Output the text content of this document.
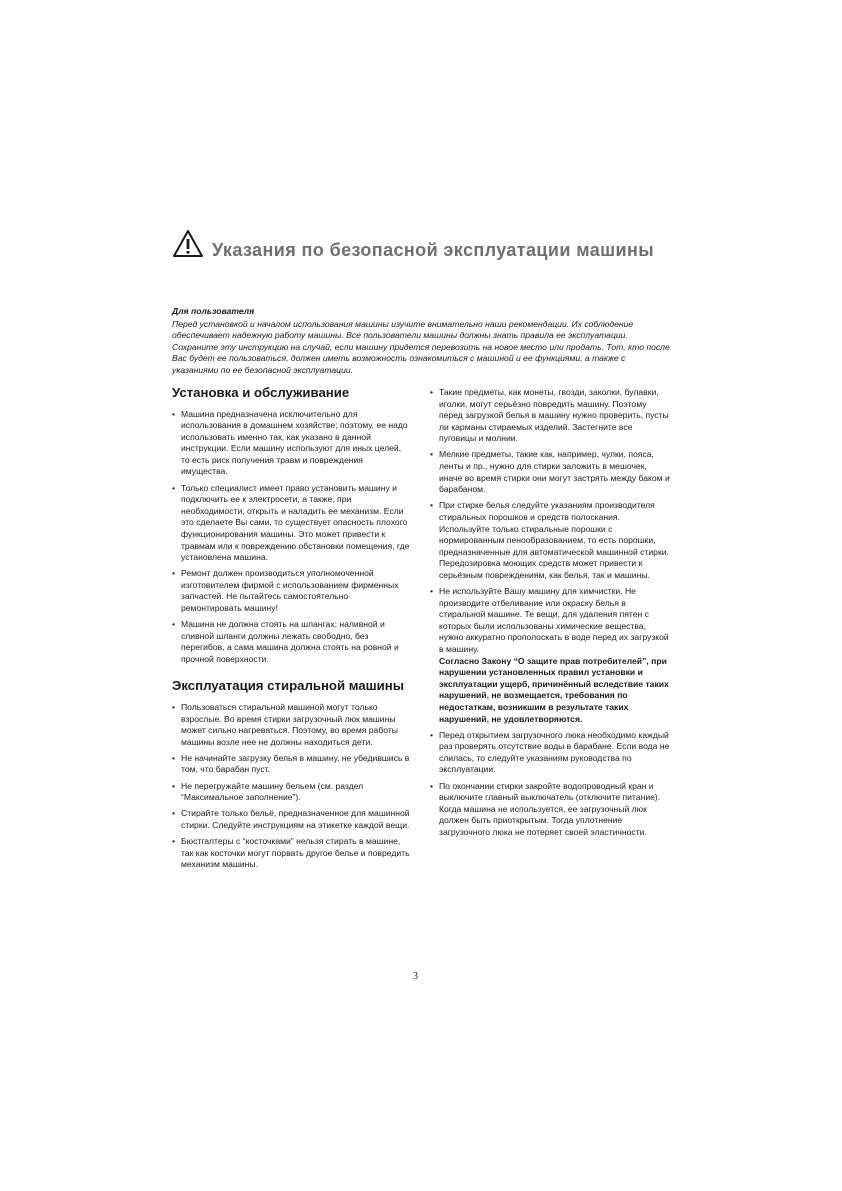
Указания по безопасной эксплуатации машины
Для пользователя
Перед установкой и началом использования машины изучите внимательно наши рекомендации. Их соблюдение обеспечивает надежную работу машины. Все пользователи машины должны знать правила ее эксплуатации. Сохраните эту инструкцию на случай, если машину придется перевозить на новое место или продать. Тот, кто после Вас будет ее пользоваться, должен иметь возможность ознакомиться с машиной и ее функциями, а также с указаниями по ее безопасной эксплуатации.
Установка и обслуживание
• Машина предназначена исключительно для использования в домашнем хозяйстве; поэтому, ее надо использовать именно так, как указано в данной инструкции. Если машину используют для иных целей, то есть риск получения травм и повреждения имущества.
• Только специалист имеет право установить машину и подключить ее к электросети, а также, при необходимости, открыть и наладить ее механизм. Если это сделаете Вы сами, то существует опасность плохого функционирования машины. Это может привести к травмам или к повреждению обстановки помещения, где установлена машина.
• Ремонт должен производиться уполномоченной изготовителем фирмой с использованием фирменных запчастей. Не пытайтесь самостоятельно ремонтировать машину!
• Машина не должна стоять на шлангах: наливной и сливной шланги должны лежать свободно, без перегибов, а сама машина должна стоять на ровной и прочной поверхности.
Эксплуатация стиральной машины
• Пользоваться стиральной машиной могут только взрослые. Во время стирки загрузочный люк машины может сильно нагреваться. Поэтому, во время работы машины возле нее не должны находиться дети.
• Не начинайте загрузку белья в машину, не убедившись в том, что барабан пуст.
• Не перегружайте машину бельем (см. раздел “Максимальное заполнение”).
• Стирайте только бельё, предназначенное для машинной стирки. Следуйте инструкциям на этикетке каждой вещи.
• Бюстгалтеры с “косточками” нельзя стирать в машине, так как косточки могут порвать другое белье и повредить механизм машины.
• Такие предметы, как монеты, гвозди, заколки, булавки, иголки, могут серьёзно повредить машину. Поэтому перед загрузкой белья в машину нужно проверить, пусты ли карманы стираемых изделий. Застегните все пуговицы и молнии.
• Мелкие предметы, такие как, например, чулки, пояса, ленты и пр., нужно для стирки заложить в мешочек, иначе во время стирки они могут застрять между баком и барабаном.
• При стирке белья следуйте указаниям производителя стиральных порошков и средств полоскания. Используйте только стиральные порошки с нормированным пенообразованием, то есть порошки, предназначенные для автоматической машинной стирки. Передозировка моющих средств может привести к серьёзным повреждениям, как белья, так и машины.
• Не используйте Вашу машину для химчистки. Не производите отбеливание или окраску белья в стиральной машине. Те вещи, для удаления пятен с которых были использованы химические вещества, нужно аккуратно прополоскать в воде перед их загрузкой в машину.
Согласно Закону “О защите прав потребителей”, при нарушении установленных правил установки и эксплуатации ущерб, причинённый вследствие таких нарушений, не возмещается, требования по недостаткам, возникшим в результате таких нарушений, не удовлетворяются.
• Перед открытием загрузочного люка необходимо каждый раз проверять отсутствие воды в барабане. Если вода не слилась, то следуйте указаниям руководства по эксплуатации.
• По окончании стирки закройте водопроводный кран и выключите главный выключатель (отключите питание). Когда машина не используется, ее загрузочный люк должен быть приоткрытым. Тогда уплотнение загрузочного люка не потеряет своей эластичности.
3
